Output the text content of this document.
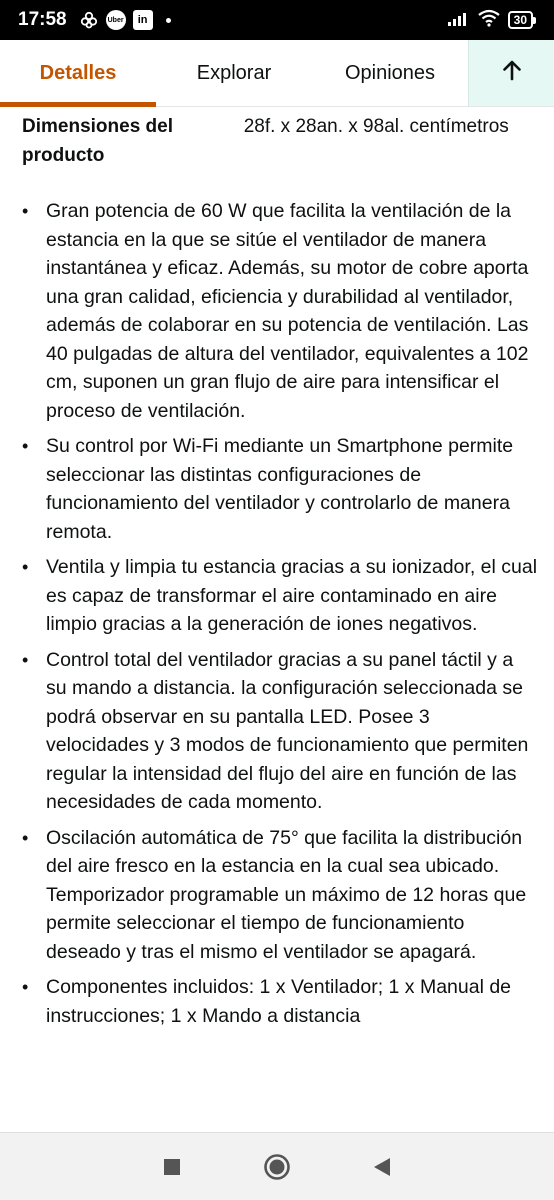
17:58	Uber	in	30
Detalles	Explorar	Opiniones
Dimensiones del producto
28f. x 28an. x 98al. centímetros
• Gran potencia de 60 W que facilita la ventilación de la estancia en la que se sitúe el ventilador de manera instantánea y eficaz. Además, su motor de cobre aporta una gran calidad, eficiencia y durabilidad al ventilador, además de colaborar en su potencia de ventilación. Las 40 pulgadas de altura del ventilador, equivalentes a 102 cm, suponen un gran flujo de aire para intensificar el proceso de ventilación.
• Su control por Wi-Fi mediante un Smartphone permite seleccionar las distintas configuraciones de funcionamiento del ventilador y controlarlo de manera remota.
• Ventila y limpia tu estancia gracias a su ionizador, el cual es capaz de transformar el aire contaminado en aire limpio gracias a la generación de iones negativos.
• Control total del ventilador gracias a su panel táctil y a su mando a distancia. la configuración seleccionada se podrá observar en su pantalla LED. Posee 3 velocidades y 3 modos de funcionamiento que permiten regular la intensidad del flujo del aire en función de las necesidades de cada momento.
• Oscilación automática de 75° que facilita la distribución del aire fresco en la estancia en la cual sea ubicado. Temporizador programable un máximo de 12 horas que permite seleccionar el tiempo de funcionamiento deseado y tras el mismo el ventilador se apagará.
• Componentes incluidos: 1 x Ventilador; 1 x Manual de instrucciones; 1 x Mando a distancia
